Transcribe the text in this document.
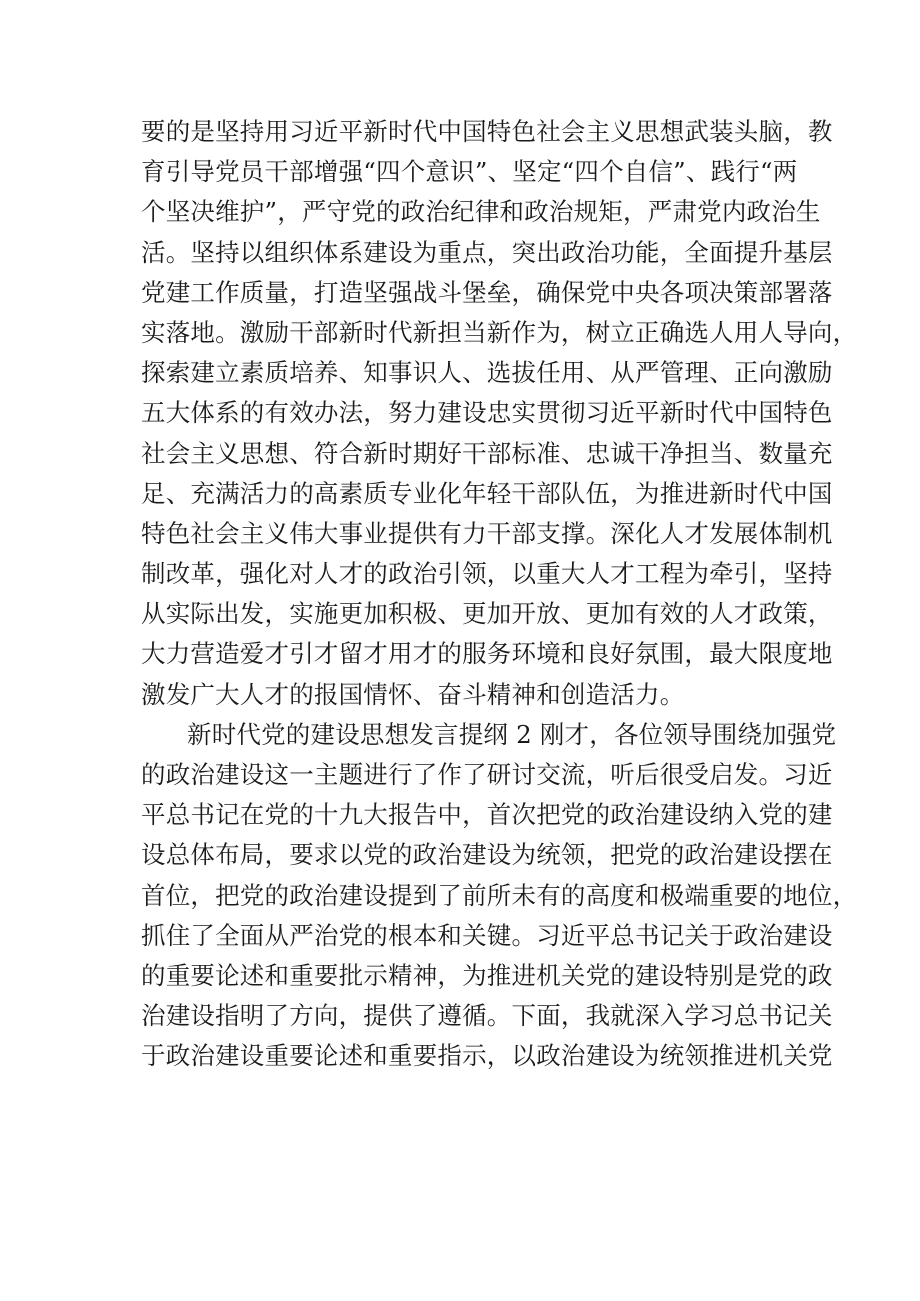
要的是坚持用习近平新时代中国特色社会主义思想武装头脑，教
育引导党员干部增强“四个意识”、坚定“四个自信”、践行“两
个坚决维护”，严守党的政治纪律和政治规矩，严肃党内政治生
活。坚持以组织体系建设为重点，突出政治功能，全面提升基层
党建工作质量，打造坚强战斗堡垒，确保党中央各项决策部署落
实落地。激励干部新时代新担当新作为，树立正确选人用人导向，
探索建立素质培养、知事识人、选拔任用、从严管理、正向激励
五大体系的有效办法，努力建设忠实贯彻习近平新时代中国特色
社会主义思想、符合新时期好干部标准、忠诚干净担当、数量充
足、充满活力的高素质专业化年轻干部队伍，为推进新时代中国
特色社会主义伟大事业提供有力干部支撑。深化人才发展体制机
制改革，强化对人才的政治引领，以重大人才工程为牵引，坚持
从实际出发，实施更加积极、更加开放、更加有效的人才政策，
大力营造爱才引才留才用才的服务环境和良好氛围，最大限度地
激发广大人才的报国情怀、奋斗精神和创造活力。
新时代党的建设思想发言提纲 2 刚才，各位领导围绕加强党
的政治建设这一主题进行了作了研讨交流，听后很受启发。习近
平总书记在党的十九大报告中，首次把党的政治建设纳入党的建
设总体布局，要求以党的政治建设为统领，把党的政治建设摆在
首位，把党的政治建设提到了前所未有的高度和极端重要的地位，
抓住了全面从严治党的根本和关键。习近平总书记关于政治建设
的重要论述和重要批示精神，为推进机关党的建设特别是党的政
治建设指明了方向，提供了遵循。下面，我就深入学习总书记关
于政治建设重要论述和重要指示，以政治建设为统领推进机关党
